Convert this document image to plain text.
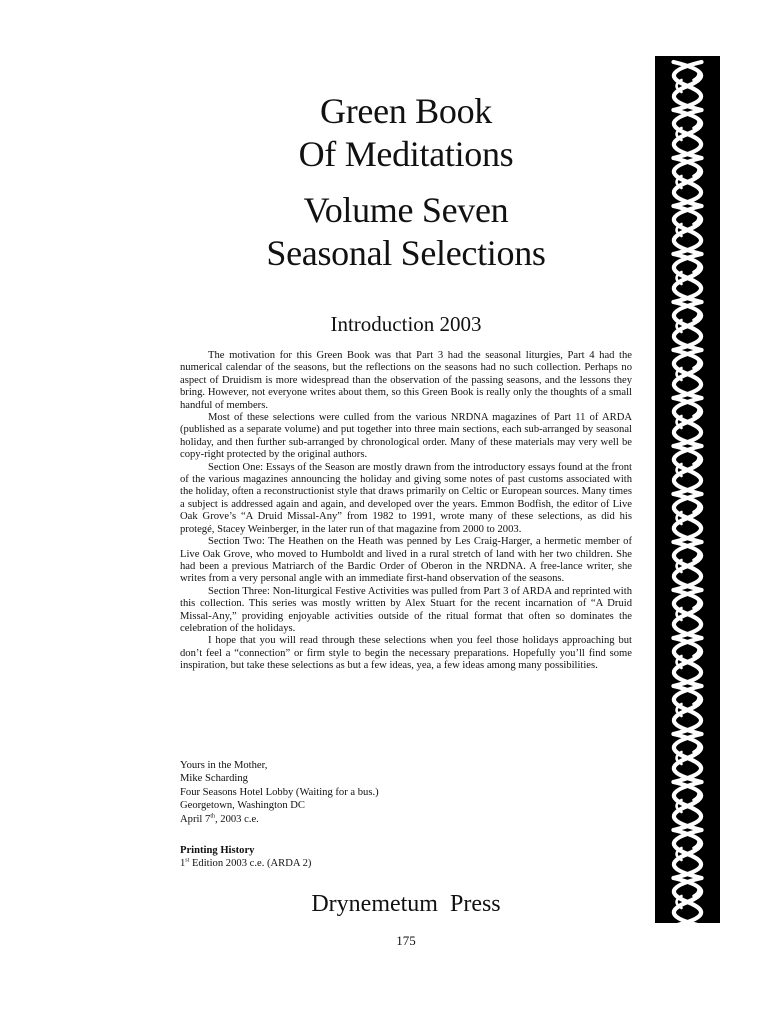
Green Book
Of Meditations
Volume Seven
Seasonal Selections
Introduction 2003

The motivation for this Green Book was that Part 3 had the seasonal liturgies, Part 4 had the numerical calendar of the seasons, but the reflections on the seasons had no such collection. Perhaps no aspect of Druidism is more widespread than the observation of the passing seasons, and the lessons they bring. However, not everyone writes about them, so this Green Book is really only the thoughts of a small handful of members.

Most of these selections were culled from the various NRDNA magazines of Part 11 of ARDA (published as a separate volume) and put together into three main sections, each sub-arranged by seasonal holiday, and then further sub-arranged by chronological order. Many of these materials may very well be copy-right protected by the original authors.

Section One: Essays of the Season are mostly drawn from the introductory essays found at the front of the various magazines announcing the holiday and giving some notes of past customs associated with the holiday, often a reconstructionist style that draws primarily on Celtic or European sources. Many times a subject is addressed again and again, and developed over the years. Emmon Bodfish, the editor of Live Oak Grove’s “A Druid Missal-Any” from 1982 to 1991, wrote many of these selections, as did his protegé, Stacey Weinberger, in the later run of that magazine from 2000 to 2003.

Section Two: The Heathen on the Heath was penned by Les Craig-Harger, a hermetic member of Live Oak Grove, who moved to Humboldt and lived in a rural stretch of land with her two children. She had been a previous Matriarch of the Bardic Order of Oberon in the NRDNA. A free-lance writer, she writes from a very personal angle with an immediate first-hand observation of the seasons.

Section Three: Non-liturgical Festive Activities was pulled from Part 3 of ARDA and reprinted with this collection. This series was mostly written by Alex Stuart for the recent incarnation of “A Druid Missal-Any,” providing enjoyable activities outside of the ritual format that often so dominates the celebration of the holidays.

I hope that you will read through these selections when you feel those holidays approaching but don’t feel a “connection” or firm style to begin the necessary preparations. Hopefully you’ll find some inspiration, but take these selections as but a few ideas, yea, a few ideas among many possibilities.

Yours in the Mother,
Mike Scharding
Four Seasons Hotel Lobby (Waiting for a bus.)
Georgetown, Washington DC
April 7th, 2003 c.e.
Printing History
1st Edition 2003 c.e. (ARDA 2)
Drynemetum Press
175
